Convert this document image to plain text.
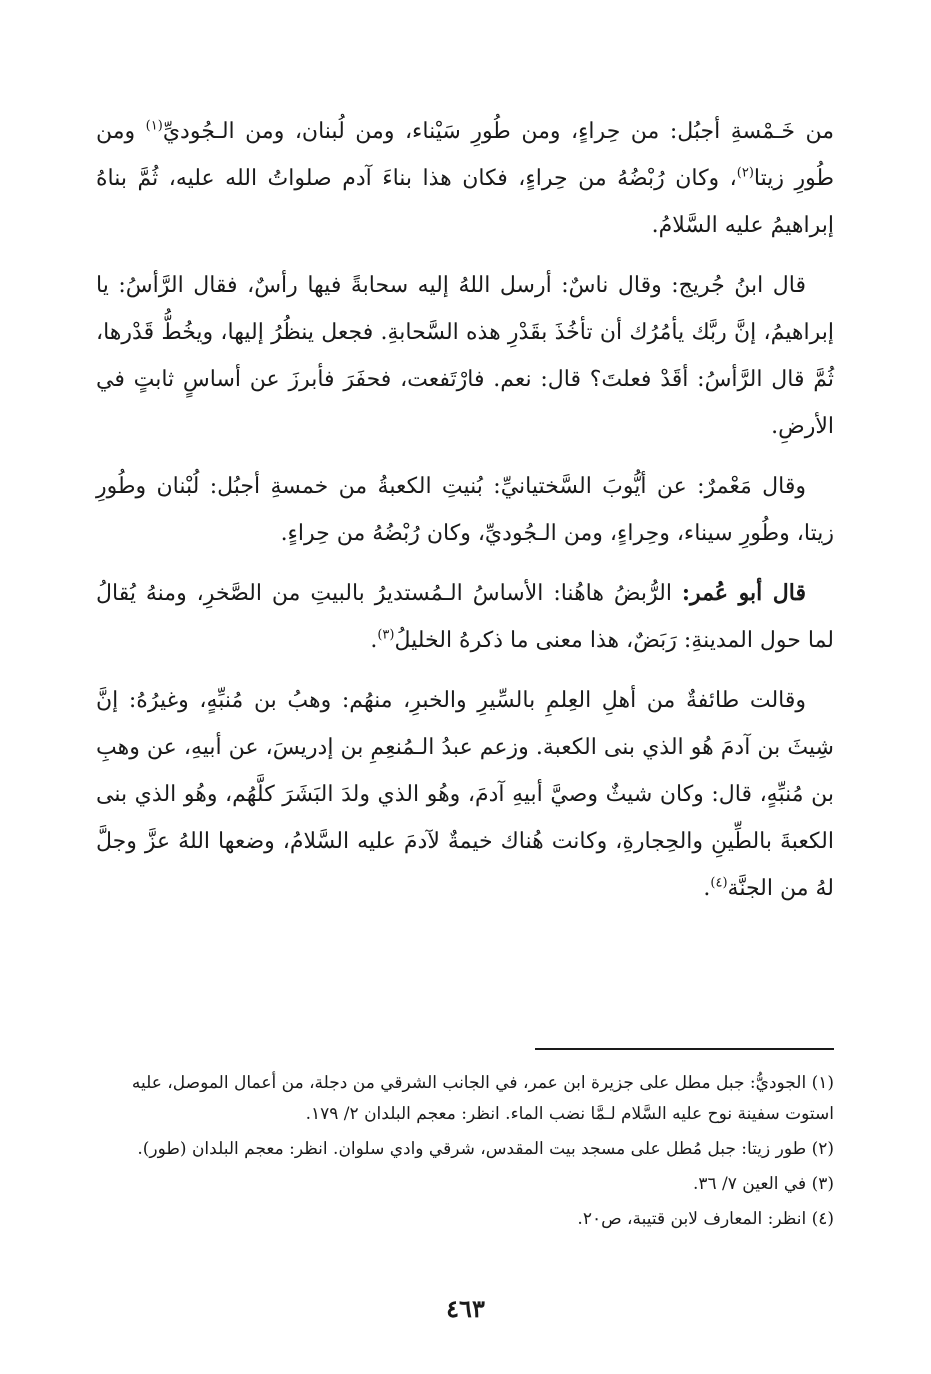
من خَـمْسةِ أجبُل: من حِراءٍ، ومن طُورِ سَيْناء، ومن لُبنان، ومن الـجُوديِّ$^{(١)}$ ومن طُورِ زيتا$^{(٢)}$، وكان رُبْضُهُ من حِراءٍ، فكان هذا بناءَ آدم صلواتُ الله عليه، ثُمَّ بناهُ إبراهيمُ عليه السَّلامُ.

قال ابنُ جُريج: وقال ناسٌ: أرسل اللهُ إليه سحابةً فيها رأسٌ، فقال الرَّأسُ: يا إبراهيمُ، إنَّ ربَّك يأمُرُك أن تأخُذَ بقَدْرِ هذه السَّحابةِ. فجعل ينظُرُ إليها، ويخُطُّ قَدْرها، ثُمَّ قال الرَّأسُ: أقَدْ فعلتَ؟ قال: نعم. فارْتَفعت، فحفَرَ فأبرزَ عن أساسٍ ثابتٍ في الأرضِ.

وقال مَعْمرٌ: عن أيُّوبَ السَّختيانيِّ: بُنيتِ الكعبةُ من خمسةِ أجبُل: لُبْنان وطُورِ زيتا، وطُورِ سيناء، وحِراءٍ، ومن الـجُوديِّ، وكان رُبْضُهُ من حِراءٍ.

قال أبو عُمر: الرُّبضُ هاهُنا: الأساسُ الـمُستديرُ بالبيتِ من الصَّخرِ، ومنهُ يُقالُ لما حول المدينةِ: رَبَضٌ، هذا معنى ما ذكرهُ الخليلُ$^{(٣)}$.

وقالت طائفةٌ من أهلِ العِلمِ بالسِّيرِ والخبرِ، منهُم: وهبُ بن مُنبِّهٍ، وغيرُهُ: إنَّ شِيثَ بن آدمَ هُو الذي بنى الكعبة. وزعم عبدُ الـمُنعِمِ بن إدريسَ، عن أبيهِ، عن وهبِ بن مُنبِّهٍ، قال: وكان شيثٌ وصيَّ أبيهِ آدمَ، وهُو الذي ولدَ البَشَرَ كلَّهُم، وهُو الذي بنى الكعبةَ بالطِّينِ والحِجارةِ، وكانت هُناك خيمةٌ لآدمَ عليه السَّلامُ، وضعها اللهُ عزَّ وجلَّ لهُ من الجنَّة$^{(٤)}$.

(١) الجوديُّ: جبل مطل على جزيرة ابن عمر، في الجانب الشرقي من دجلة، من أعمال الموصل، عليه استوت سفينة نوح عليه السَّلام لـمَّا نضب الماء. انظر: معجم البلدان ٢/ ١٧٩.

(٢) طور زيتا: جبل مُطل على مسجد بيت المقدس، شرقي وادي سلوان. انظر: معجم البلدان (طور).

(٣) في العين ٧/ ٣٦.

(٤) انظر: المعارف لابن قتيبة، ص٢٠.

٤٦٣
